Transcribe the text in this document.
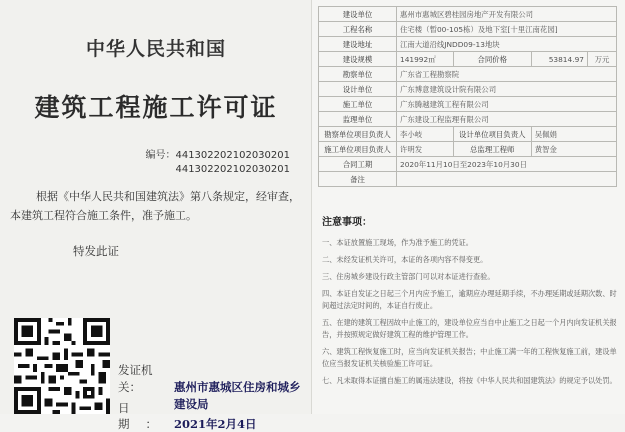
中华人民共和国
建筑工程施工许可证
编号： 441302202102030201
441302202102030201
根据《中华人民共和国建筑法》第八条规定，经审查，
本建筑工程符合施工条件，准予施工。
特发此证
发证机关：	惠州市惠城区住房和城乡
建设局
日 期：2021年2月4日
建设单位	惠州市惠城区碧桂园房地产开发有限公司			
工程名称	住宅楼（暂00-105栋）及地下室[十里江南花园]			
建设地址	江南大道沿线JNDD09-13地块			
建设规模	141992㎡	合同价格	53814.97	万元
勘察单位	广东省工程勘察院			
设计单位	广东博意建筑设计院有限公司			
施工单位	广东腾越建筑工程有限公司			
监理单位	广东建设工程监理有限公司			
勘察单位项目负责人	李小岐	设计单位项目负责人	吴佩娟	
施工单位项目负责人	许明发	总监理工程师	黄智金	
合同工期	2020年11月10日至2023年10月30日			
备注				
注意事项：
一、本证放置施工现场，作为准予施工的凭证。
二、未经发证机关许可，本证的各项内容不得变更。
三、住房城乡建设行政主管部门可以对本证进行查验。
四、本证自发证之日起三个月内应予施工，逾期应办理延期手续，不办理延期或延期次数、时间超过法定时间的，本证自行废止。
五、在建的建筑工程因故中止施工的，建设单位应当自中止施工之日起一个月内向发证机关报告，并按照规定做好建筑工程的维护管理工作。
六、建筑工程恢复施工时，应当向发证机关报告；中止施工满一年的工程恢复施工前，建设单位应当报发证机关核验施工许可证。
七、凡未取得本证擅自施工的属违法建设，将按《中华人民共和国建筑法》的规定予以处罚。
